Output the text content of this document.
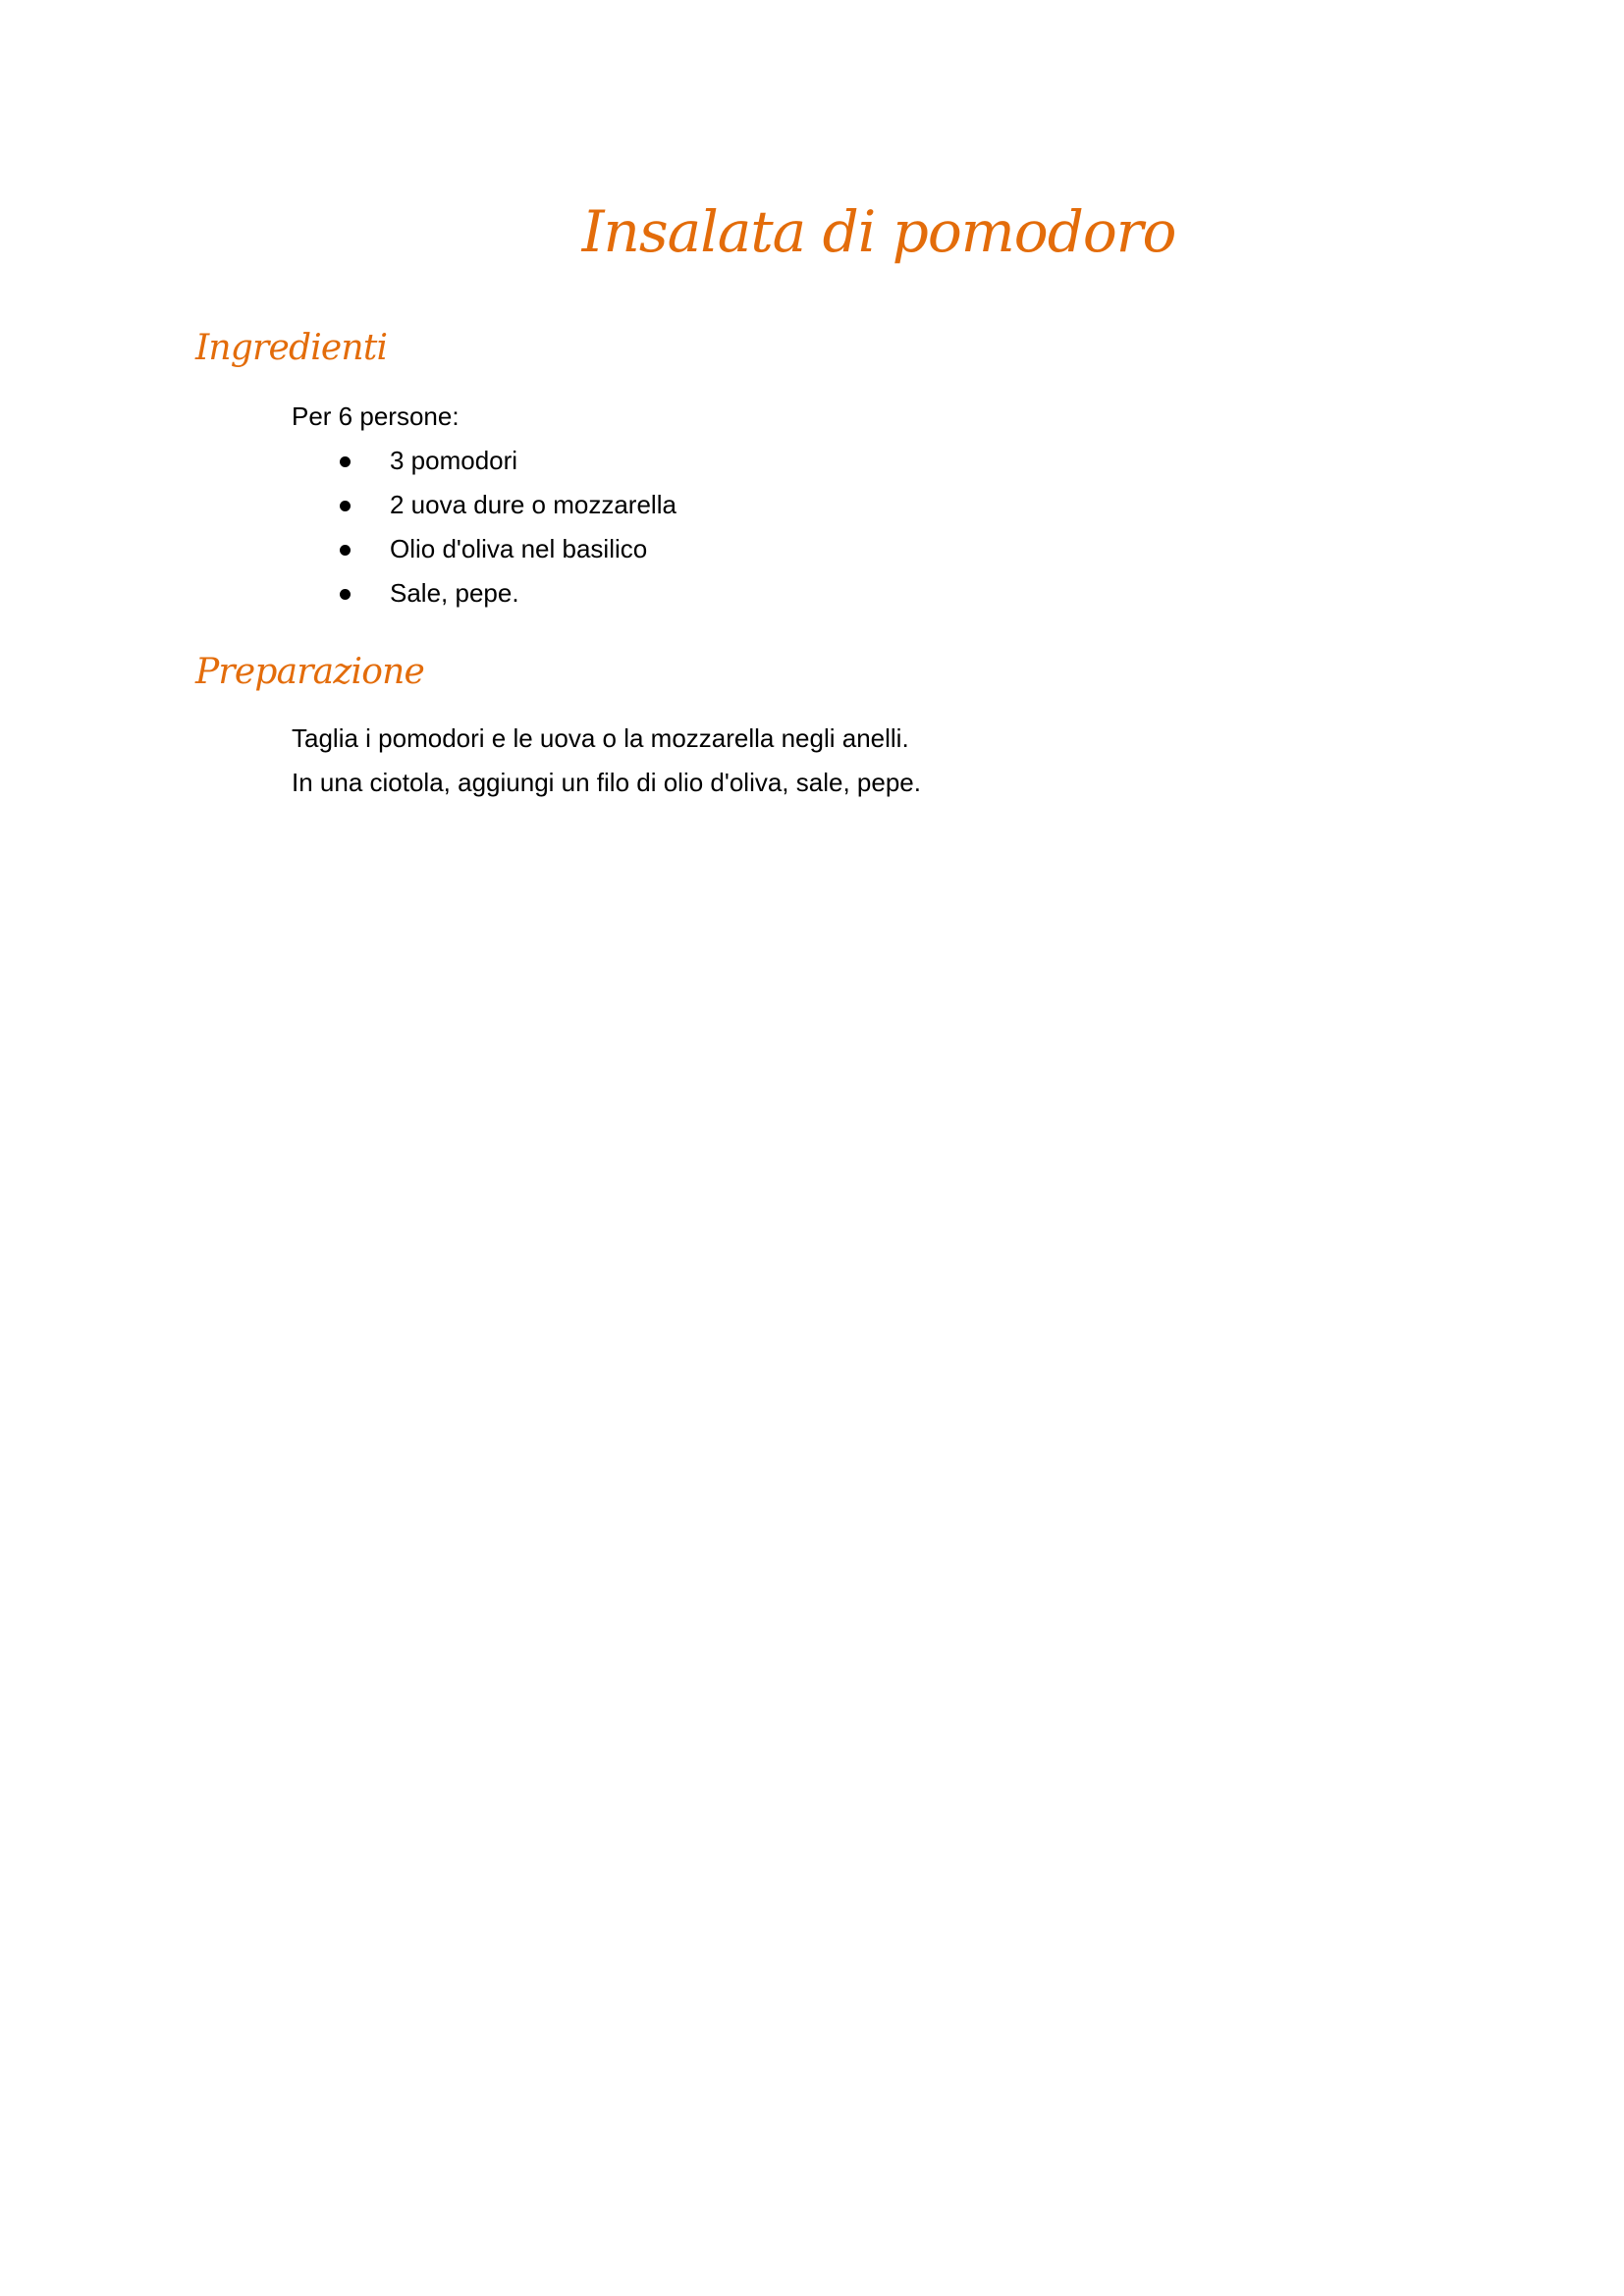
Insalata di pomodoro
Ingredienti

Per 6 persone:

3 pomodori
2 uova dure o mozzarella
Olio d'oliva nel basilico
Sale, pepe.
Preparazione
Taglia i pomodori e le uova o la mozzarella negli anelli.
In una ciotola, aggiungi un filo di olio d'oliva, sale, pepe.
